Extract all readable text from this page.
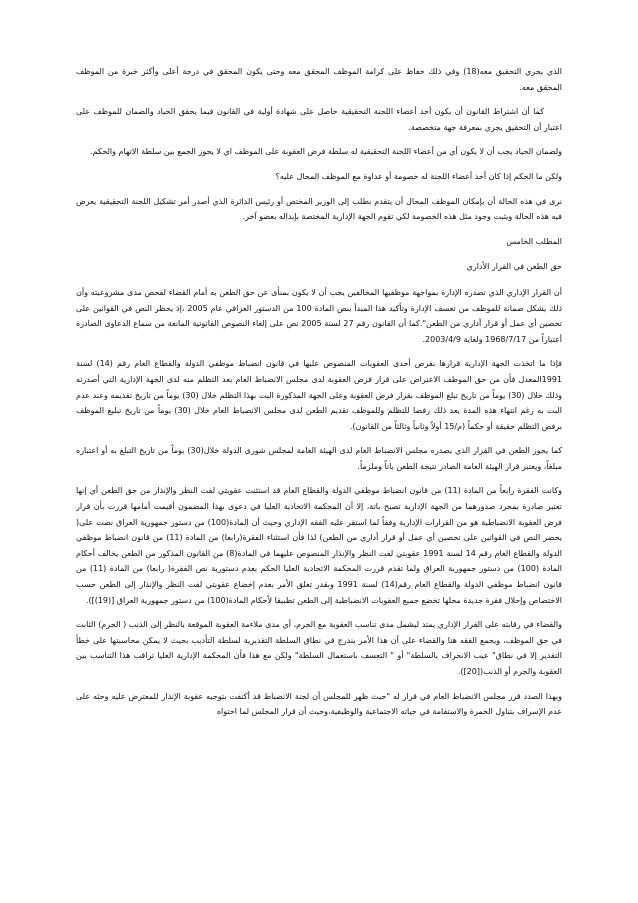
الذي يجري التحقيق معه(18) وفي ذلك حفاظ على كرامة الموظف المحقق معه وحتى يكون المحقق في درجة أعلى وأكثر خبرة من الموظف المحقق معه.

كما أن اشتراط القانون أن يكون أحد أعضاء اللجنة التحقيقية حاصل على شهادة أولية في القانون فيما يحقق الحياد والضمان للموظف على اعتبار أن التحقيق يجري بمعرفة جهة متخصصة.

ولضمان الحياد يجب أن لا يكون أي من أعضاء اللجنة التحقيقية له سلطة فرض العقوبة على الموظف اي لا يجوز الجمع بين سلطة الاتهام والحكم.

ولكن ما الحكم إذا كان أحد أعضاء اللجنة له خصومة أو عداوة مع الموظف المحال عليه؟

نرى في هذه الحالة أن بإمكان الموظف المحال أن يتقدم بطلب إلى الوزير المختص أو رئيس الدائرة الذي أصدر أمر تشكيل اللجنة التحقيقية يعرض فيه هذه الحالة ويثبت وجود مثل هذه الخصومة لكي تقوم الجهة الإدارية المختصة بإبداله بعضو آخر.

المطلب الخامس

حق الطعن في القرار الأداري

أن القرار الإداري الذي تصدره الإدارة بمواجهة موظفيها المخالفين يجب أن لا يكون بمنأى عن حق الطعن به أمام القضاء لفحص مدى مشروعيته وأن ذلك يشكل ضمانة للموظف من تعسف الإدارة وتأكيد هذا المبدأ بنص المادة 100 من الدستور العراقي عام 2005 ،إذ يحظر النص في القوانين على تحصين أي عمل أو قرار أداري من الطعن".كما أن القانون رقم 27 لسنة 2005 نص على إلغاء النصوص القانونية المانعة من سماع الدعاوى الصادرة أعتباراً من 1968/7/17 ولغاية 2003/4/9.

فإذا ما اتخذت الجهة الإدارية قرارها بفرض أحدى العقوبات المنصوص عليها في قانون انضباط موظفي الدولة والقطاع العام رقم (14) لسنة 1991المعدل فأن من حق الموظف الاعتراض على قرار فرض العقوبة لدى مجلس الانضباط العام بعد التظلم منه لدى الجهة الإدارية التي أصدرته وذلك خلال (30) يوماً من تاريخ تبلغ الموظف بقرار فرض العقوبة وعلى الجهة المذكورة البت بهذا التظلم خلال (30) يوماً من تاريخ تقديمه وعند عدم البت به رغم انتهاء هذه المدة يعد ذلك رفضا للتظلم وللموظف تقديم الطعن لدى مجلس الانضباط العام خلال (30) يوماً من تاريخ تبليغ الموظف برفض التظلم حقيقة أو حكماً (م/15 أولاً وثانياً وثالثاً من القانون).

كما يجوز الطعن في القرار الذي يصدره مجلس الانضباط العام لدى الهيئة العامة لمجلس شورى الدولة خلال(30) يوماً من تاريخ التبلغ به أو اعتباره مبلغاً، ويعتبر قرار الهيئة العامة الصادر نتيجة الطعن باتاً وملزماً.

وكانت الفقرة رابعاً من المادة (11) من قانون انضباط موظفي الدولة والقطاع العام قد استثنت عقوبتي لفت النظر والإنذار من حق الطعن أي إنها تعتبر صادرة بمجرد صدورهما من الجهة الإدارية تصبح باتة، إلا أن المحكمة الاتحادية العليا في دعوى بهذا المضمون أقيمت أمامها قررت بأن قرار فرض العقوبة الانضباطية هو من القرارات الإدارية وفقاً لما استقر عليه الفقه الإداري وحيث أن المادة(100) من دستور جمهورية العراق نصت على( يحضر النص في القوانين على تحصين أي عمل أو قرار أداري من الطعن) لذا فأن استثناء الفقرة(رابعا) من المادة (11) من قانون انضباط موظفي الدولة والقطاع العام رقم 14 لسنة 1991 عقوبتي لفت النظر والإنذار المنصوص عليهما في المادة(8) من القانون المذكور من الطعن يخالف أحكام المادة (100) من دستور جمهورية العراق ولما تقدم قررت المحكمة الاتحادية العليا الحكم بعدم دستورية نص الفقرة( رابعا) من المادة (11) من قانون انضباط موظفي الدولة والقطاع العام رقم(14) لسنة 1991 وبقدر تعلق الأمر بعدم إخضاع عقوبتي لفت النظر والإنذار إلى الطعن حسب الاختصاص وإحلال فقرة جديدة محلها تخضع جميع العقوبات الانضباطية إلى الطعن تطبيقا لأحكام المادة(100) من دستور جمهورية العراق [(19)]).

والقضاء في رقابته على القرار الإداري يمتد ليشمل مدى تناسب العقوبة مع الجرم، أي مدى ملاءمة العقوبة الموقعة بالنظر إلى الذنب ( الجرم) الثابت في حق الموظف، ويجمع الفقه هنا والقضاء على أن هذا الأمر يندرج في نطاق السلطة التقديرية لسلطة التأديب بحيث لا يمكن محاسبتها على خطأ التقدير إلا في نطاق" عيب الانحراف بالسلطة" أو " التعسف باستعمال السلطة" ولكن مع هذا فأن المحكمة الإدارية العليا تراقب هذا التناسب بين العقوبة والجرم أو الذنب([20]).

وبهذا الصدد قرر مجلس الانضباط العام في قرار له "حيث ظهر للمجلس أن لجنة الانضباط قد أكتفت بتوجيه عقوبة الإنذار للمعترض عليه وحثه على عدم الإسراف بتناول الخمرة والاستقامة في حياته الاجتماعية والوظيفية،وحيث أن قرار المجلس لما احتواه
